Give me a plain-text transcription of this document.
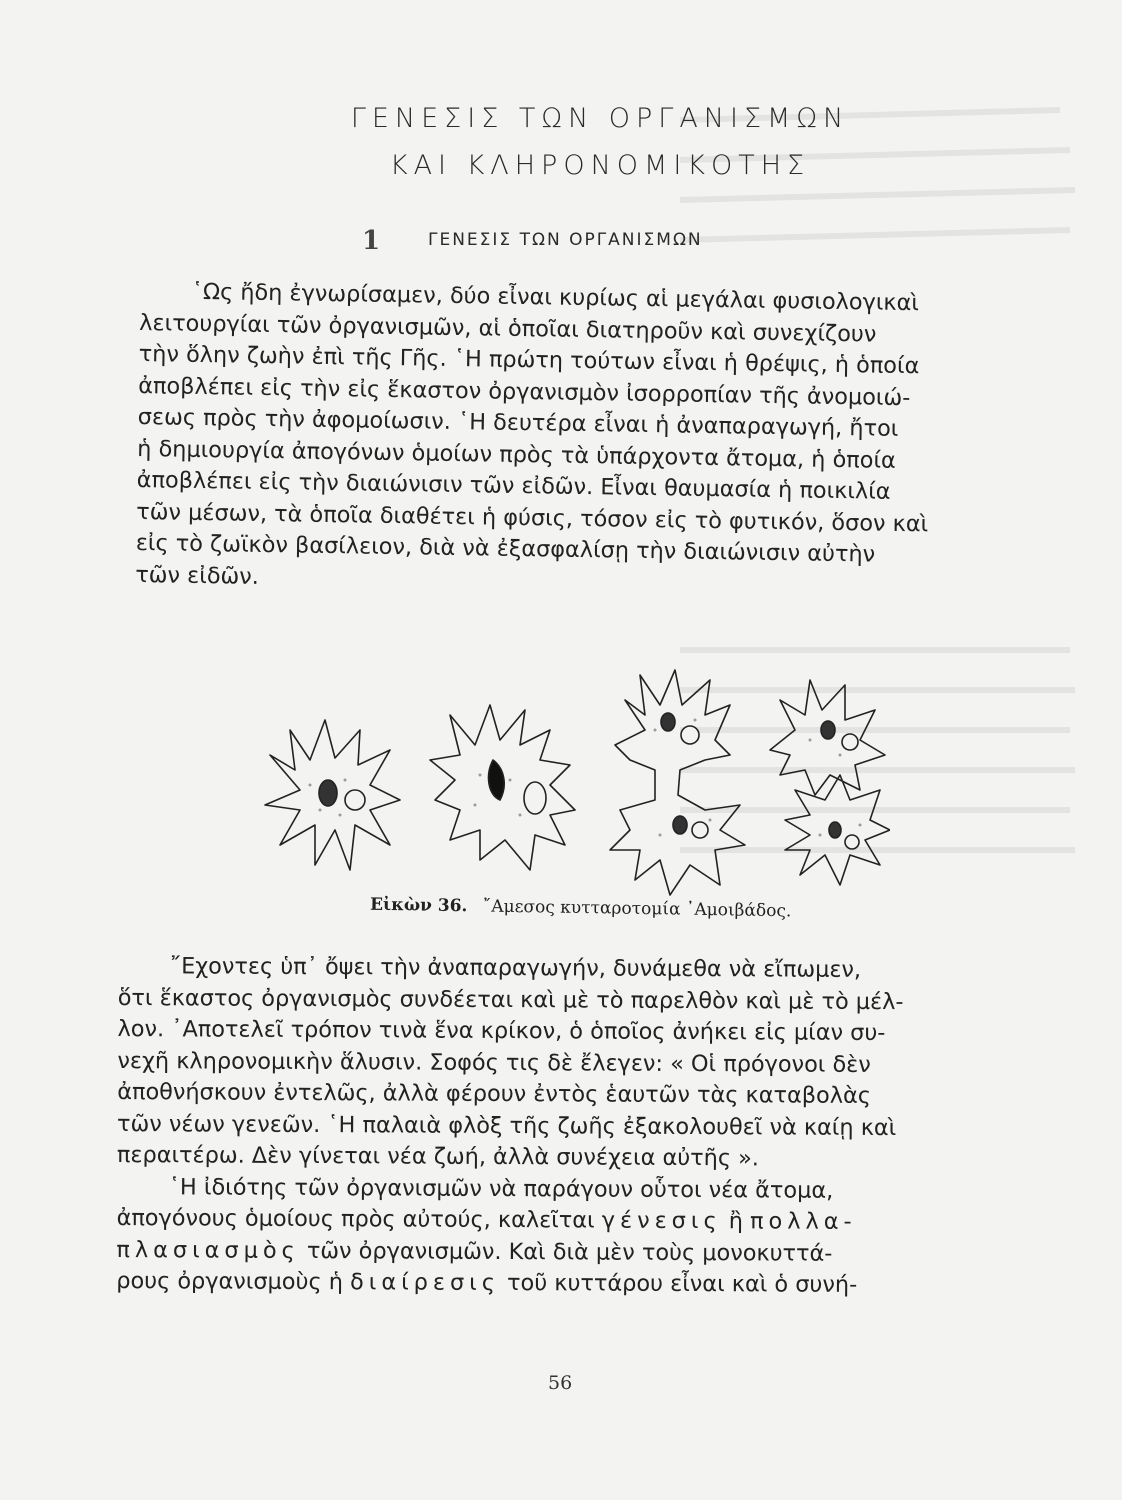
ΓΕΝΕΣΙΣ ΤΩΝ ΟΡΓΑΝΙΣΜΩΝ
ΚΑΙ ΚΛΗΡΟΝΟΜΙΚΟΤΗΣ
1	ΓΕΝΕΣΙΣ ΤΩΝ ΟΡΓΑΝΙΣΜΩΝ
῾Ως ἤδη ἐγνωρίσαμεν, δύο εἶναι κυρίως αἱ μεγάλαι φυσιολογικαὶ
λειτουργίαι τῶν ὀργανισμῶν, αἱ ὁποῖαι διατηροῦν καὶ συνεχίζουν
τὴν ὅλην ζωὴν ἐπὶ τῆς Γῆς. ῾Η πρώτη τούτων εἶναι ἡ θρέψις, ἡ ὁποία
ἀποβλέπει εἰς τὴν εἰς ἕκαστον ὀργανισμὸν ἰσορροπίαν τῆς ἀνομοιώ-
σεως πρὸς τὴν ἀφομοίωσιν. ῾Η δευτέρα εἶναι ἡ ἀναπαραγωγή, ἤτοι
ἡ δημιουργία ἀπογόνων ὁμοίων πρὸς τὰ ὑπάρχοντα ἄτομα, ἡ ὁποία
ἀποβλέπει εἰς τὴν διαιώνισιν τῶν εἰδῶν. Εἶναι θαυμασία ἡ ποικιλία
τῶν μέσων, τὰ ὁποῖα διαθέτει ἡ φύσις, τόσον εἰς τὸ φυτικόν, ὅσον καὶ
εἰς τὸ ζωϊκὸν βασίλειον, διὰ νὰ ἐξασφαλίσῃ τὴν διαιώνισιν αὐτὴν
τῶν εἰδῶν.
Εἰκὼν 36. ῎Αμεσος κυτταροτομία ᾿Αμοιβάδος.
῎Εχοντες ὑπ᾿ ὄψει τὴν ἀναπαραγωγήν, δυνάμεθα νὰ εἴπωμεν,
ὅτι ἕκαστος ὀργανισμὸς συνδέεται καὶ μὲ τὸ παρελθὸν καὶ μὲ τὸ μέλ-
λον. ᾿Αποτελεῖ τρόπον τινὰ ἕνα κρίκον, ὁ ὁποῖος ἀνήκει εἰς μίαν συ-
νεχῆ κληρονομικὴν ἅλυσιν. Σοφός τις δὲ ἔλεγεν: « Οἱ πρόγονοι δὲν
ἀποθνήσκουν ἐντελῶς, ἀλλὰ φέρουν ἐντὸς ἑαυτῶν τὰς καταβολὰς
τῶν νέων γενεῶν. ῾Η παλαιὰ φλὸξ τῆς ζωῆς ἐξακολουθεῖ νὰ καίῃ καὶ
περαιτέρω. Δὲν γίνεται νέα ζωή, ἀλλὰ συνέχεια αὐτῆς ».
῾Η ἰδιότης τῶν ὀργανισμῶν νὰ παράγουν οὗτοι νέα ἄτομα,
ἀπογόνους ὁμοίους πρὸς αὐτούς, καλεῖται γένεσις ἢ πολλα-
πλασιασμὸς τῶν ὀργανισμῶν. Καὶ διὰ μὲν τοὺς μονοκυττά-
ρους ὀργανισμοὺς ἡ διαίρεσις τοῦ κυττάρου εἶναι καὶ ὁ συνή-
56
